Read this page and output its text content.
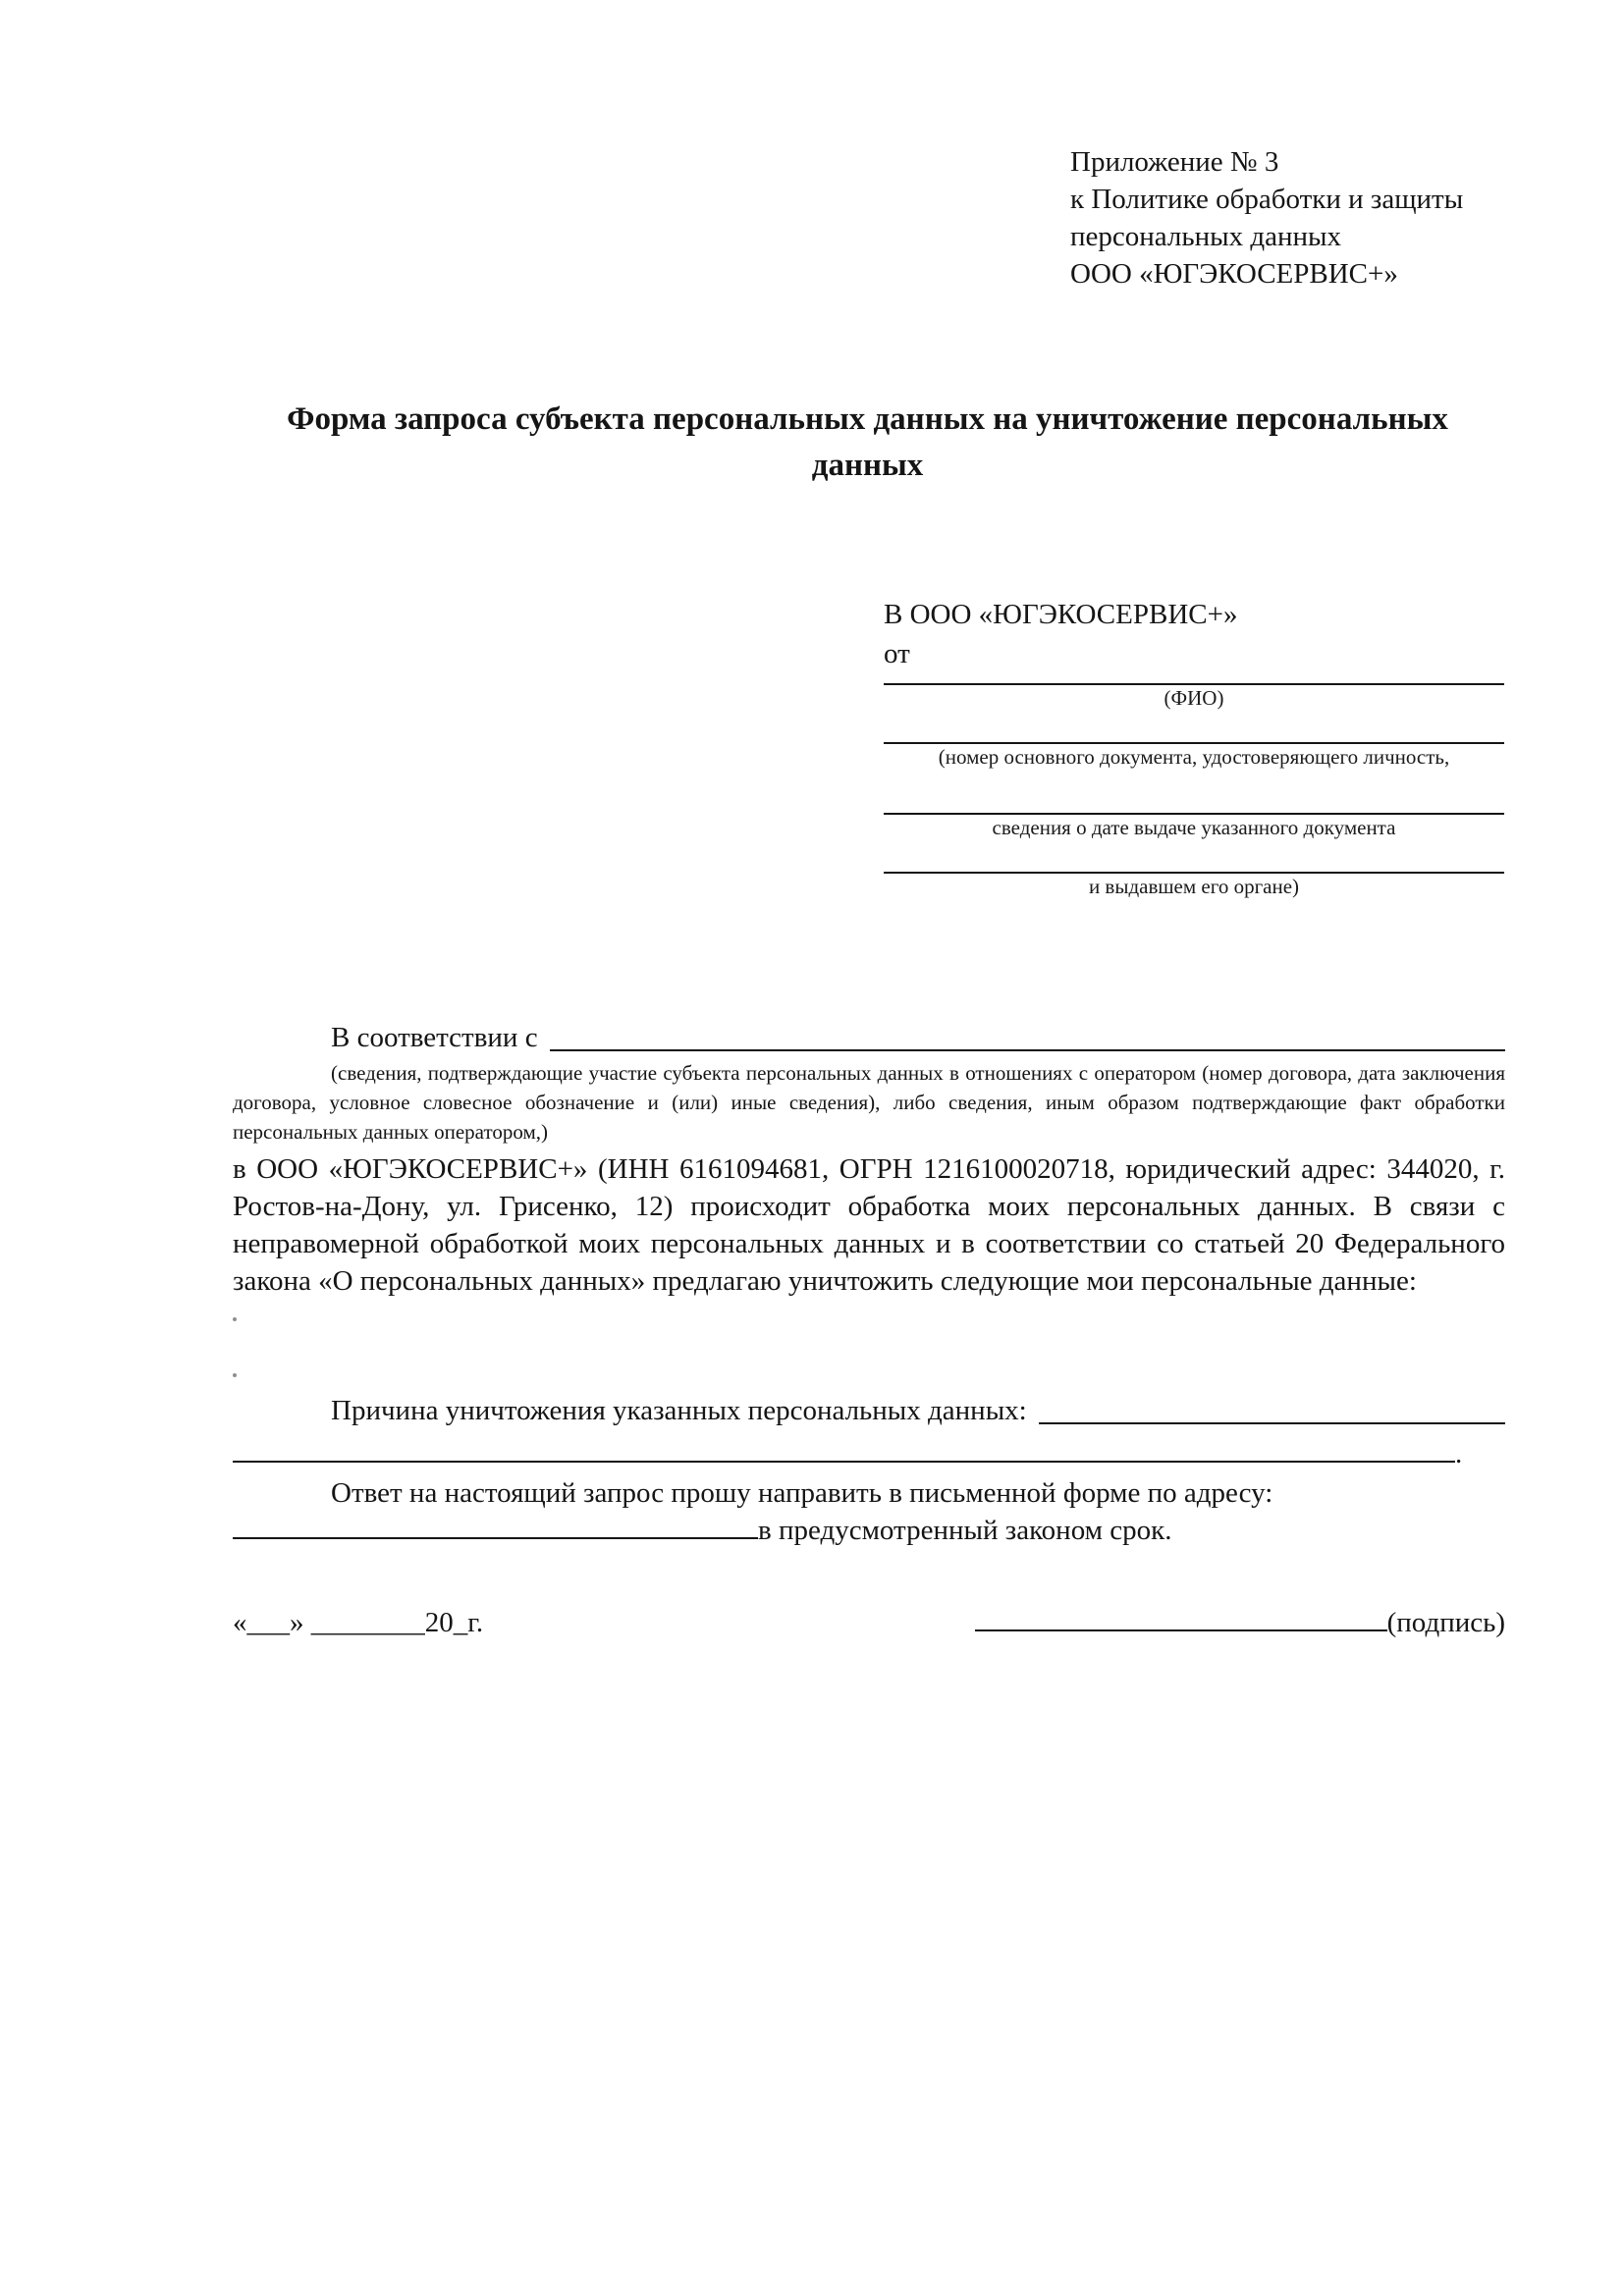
Приложение № 3
к Политике обработки и защиты
персональных данных
ООО «ЮГЭКОСЕРВИС+»
Форма запроса субъекта персональных данных на уничтожение персональных данных
В ООО «ЮГЭКОСЕРВИС+»
от
(ФИО)
(номер основного документа, удостоверяющего личность,
сведения о дате выдаче указанного документа
и выдавшем его органе)
В соответствии с
(сведения, подтверждающие участие субъекта персональных данных в отношениях с оператором (номер договора, дата заключения договора, условное словесное обозначение и (или) иные сведения), либо сведения, иным образом подтверждающие факт обработки персональных данных оператором,)
в ООО «ЮГЭКОСЕРВИС+» (ИНН 6161094681, ОГРН 1216100020718, юридический адрес: 344020, г. Ростов-на-Дону, ул. Грисенко, 12) происходит обработка моих персональных данных. В связи с неправомерной обработкой моих персональных данных и в соответствии со статьей 20 Федерального закона «О персональных данных» предлагаю уничтожить следующие мои персональные данные:
Причина уничтожения указанных персональных данных:
.
Ответ на настоящий запрос прошу направить в письменной форме по адресу:
в предусмотренный законом срок.
«___» ________20_г.	(подпись)
